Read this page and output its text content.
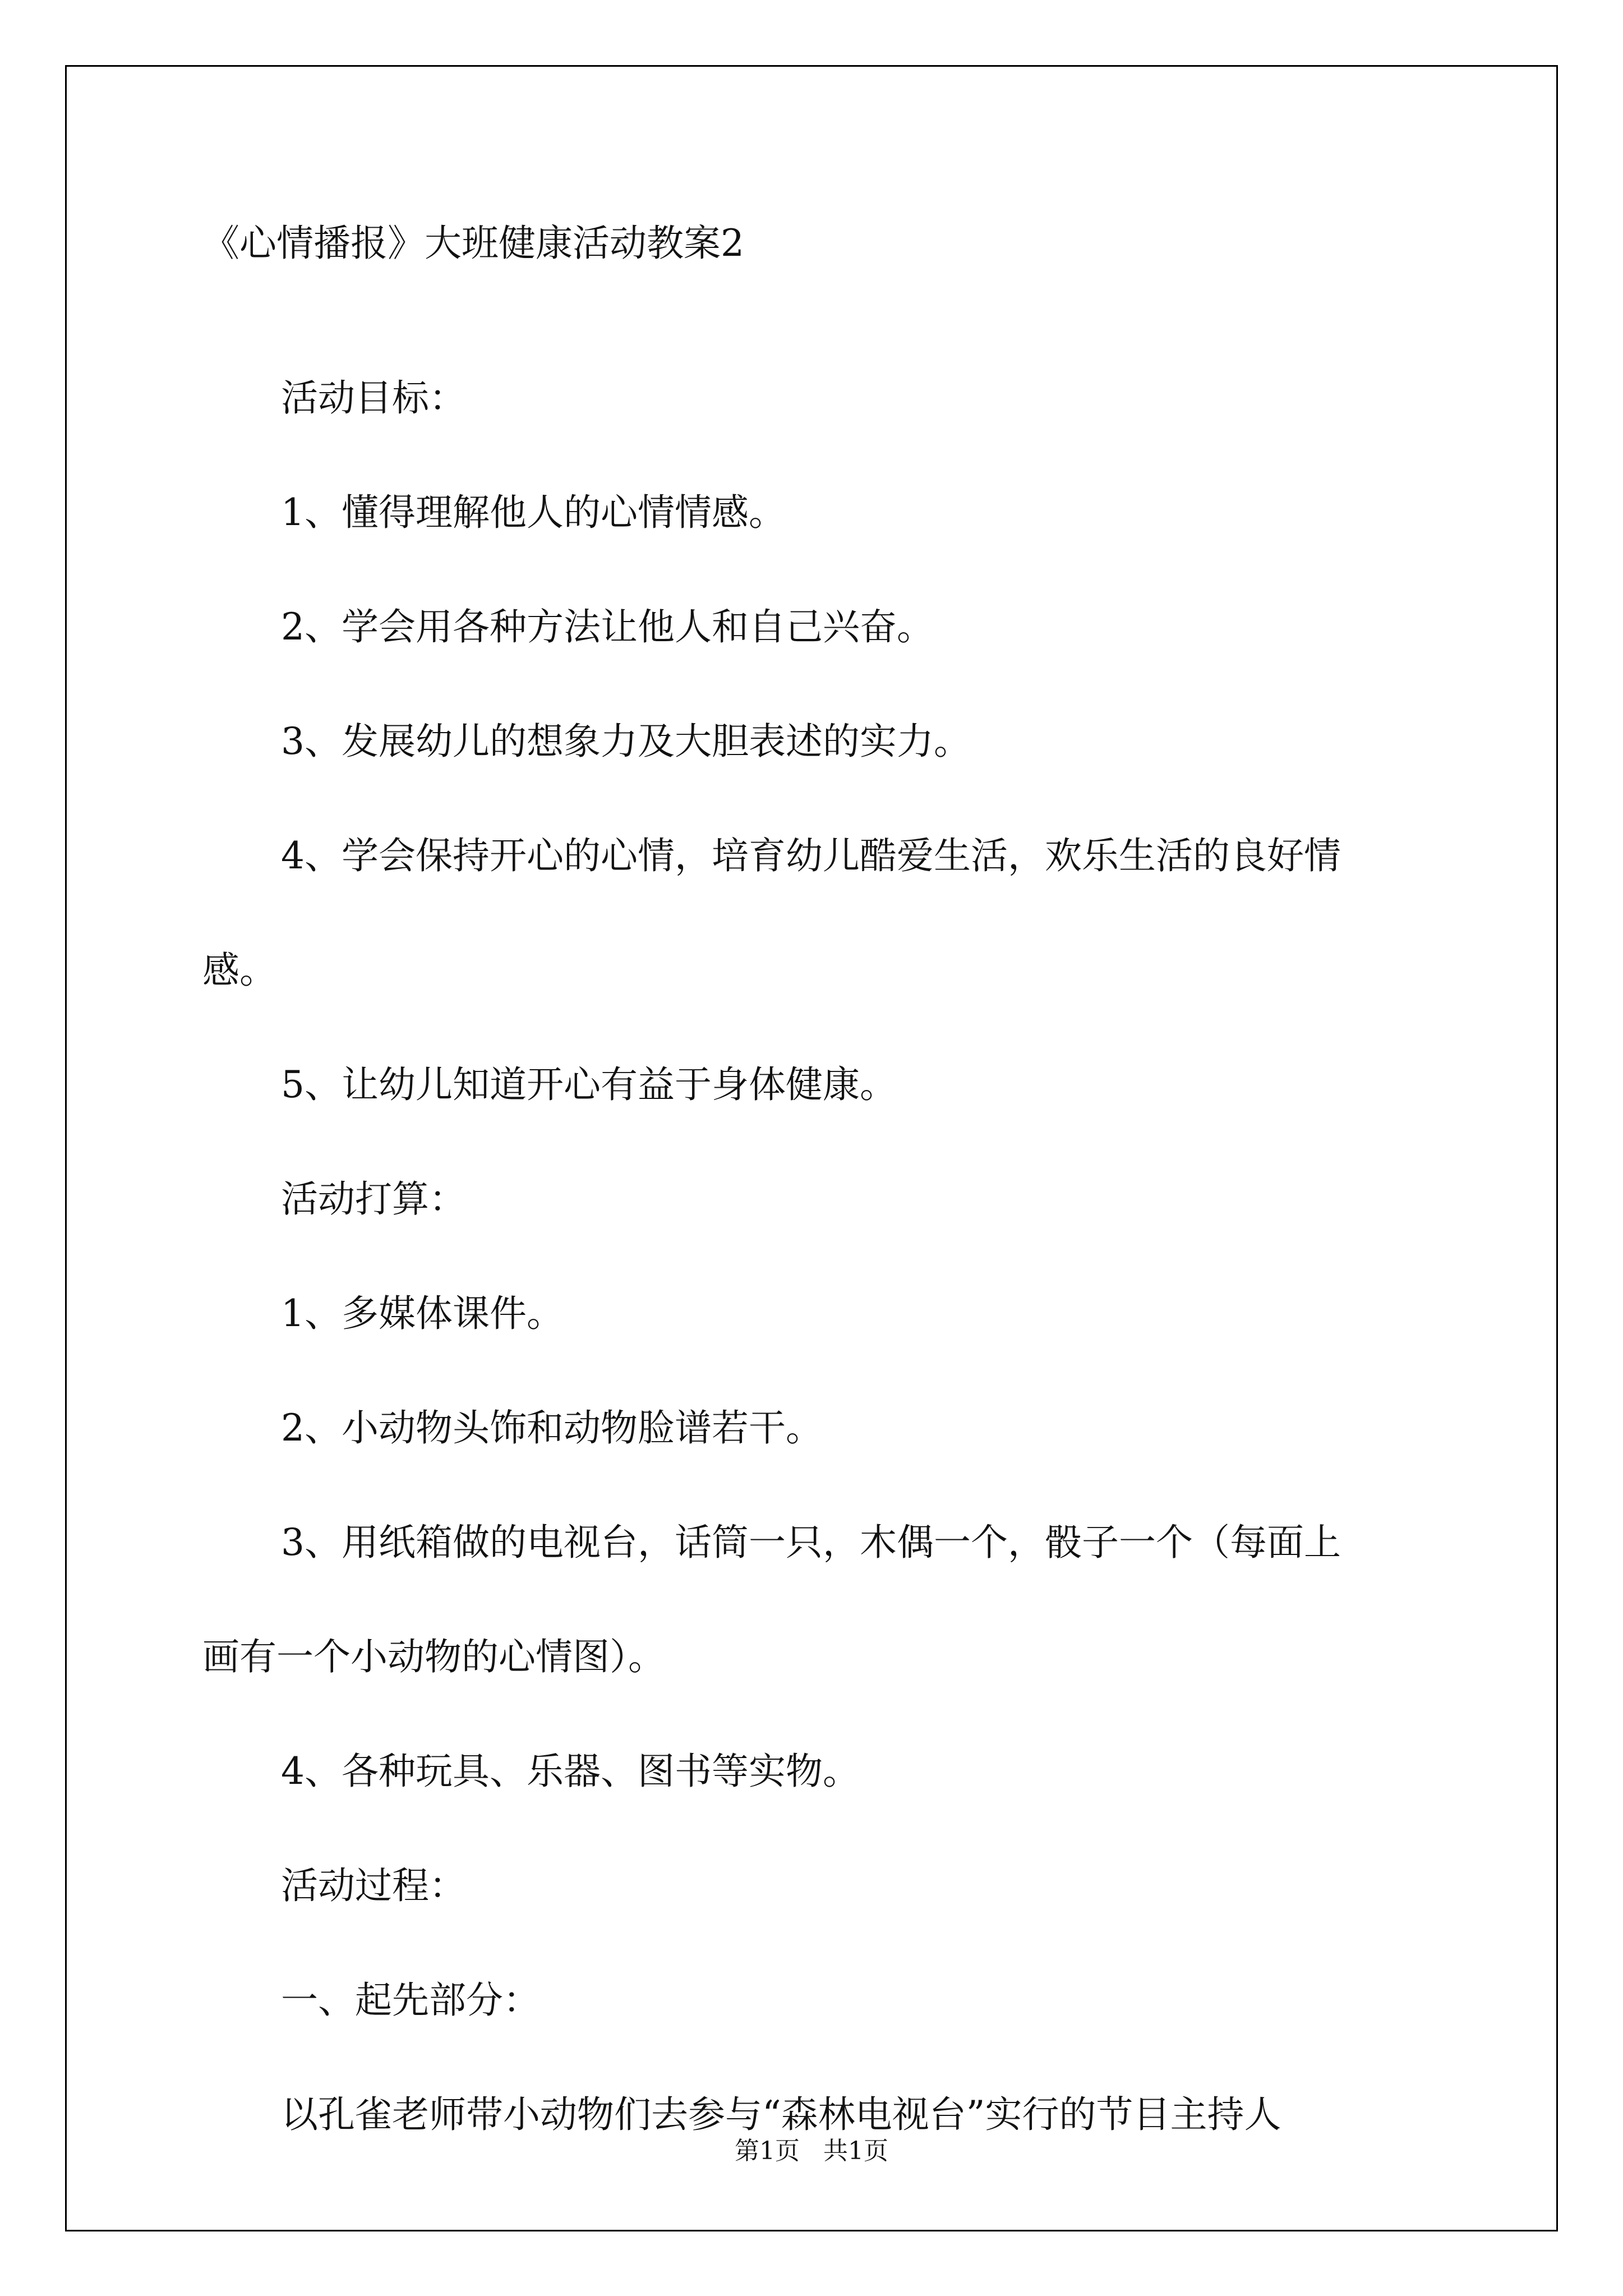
《心情播报》大班健康活动教案2
活动目标：
1、懂得理解他人的心情情感。
2、学会用各种方法让他人和自己兴奋。
3、发展幼儿的想象力及大胆表述的实力。
4、学会保持开心的心情，培育幼儿酷爱生活，欢乐生活的良好情
感。
5、让幼儿知道开心有益于身体健康。
活动打算：
1、多媒体课件。
2、小动物头饰和动物脸谱若干。
3、用纸箱做的电视台，话筒一只，木偶一个，骰子一个（每面上
画有一个小动物的心情图）。
4、各种玩具、乐器、图书等实物。
活动过程：
一、起先部分：
以孔雀老师带小动物们去参与“森林电视台”实行的节目主持人
第1页 共1页
